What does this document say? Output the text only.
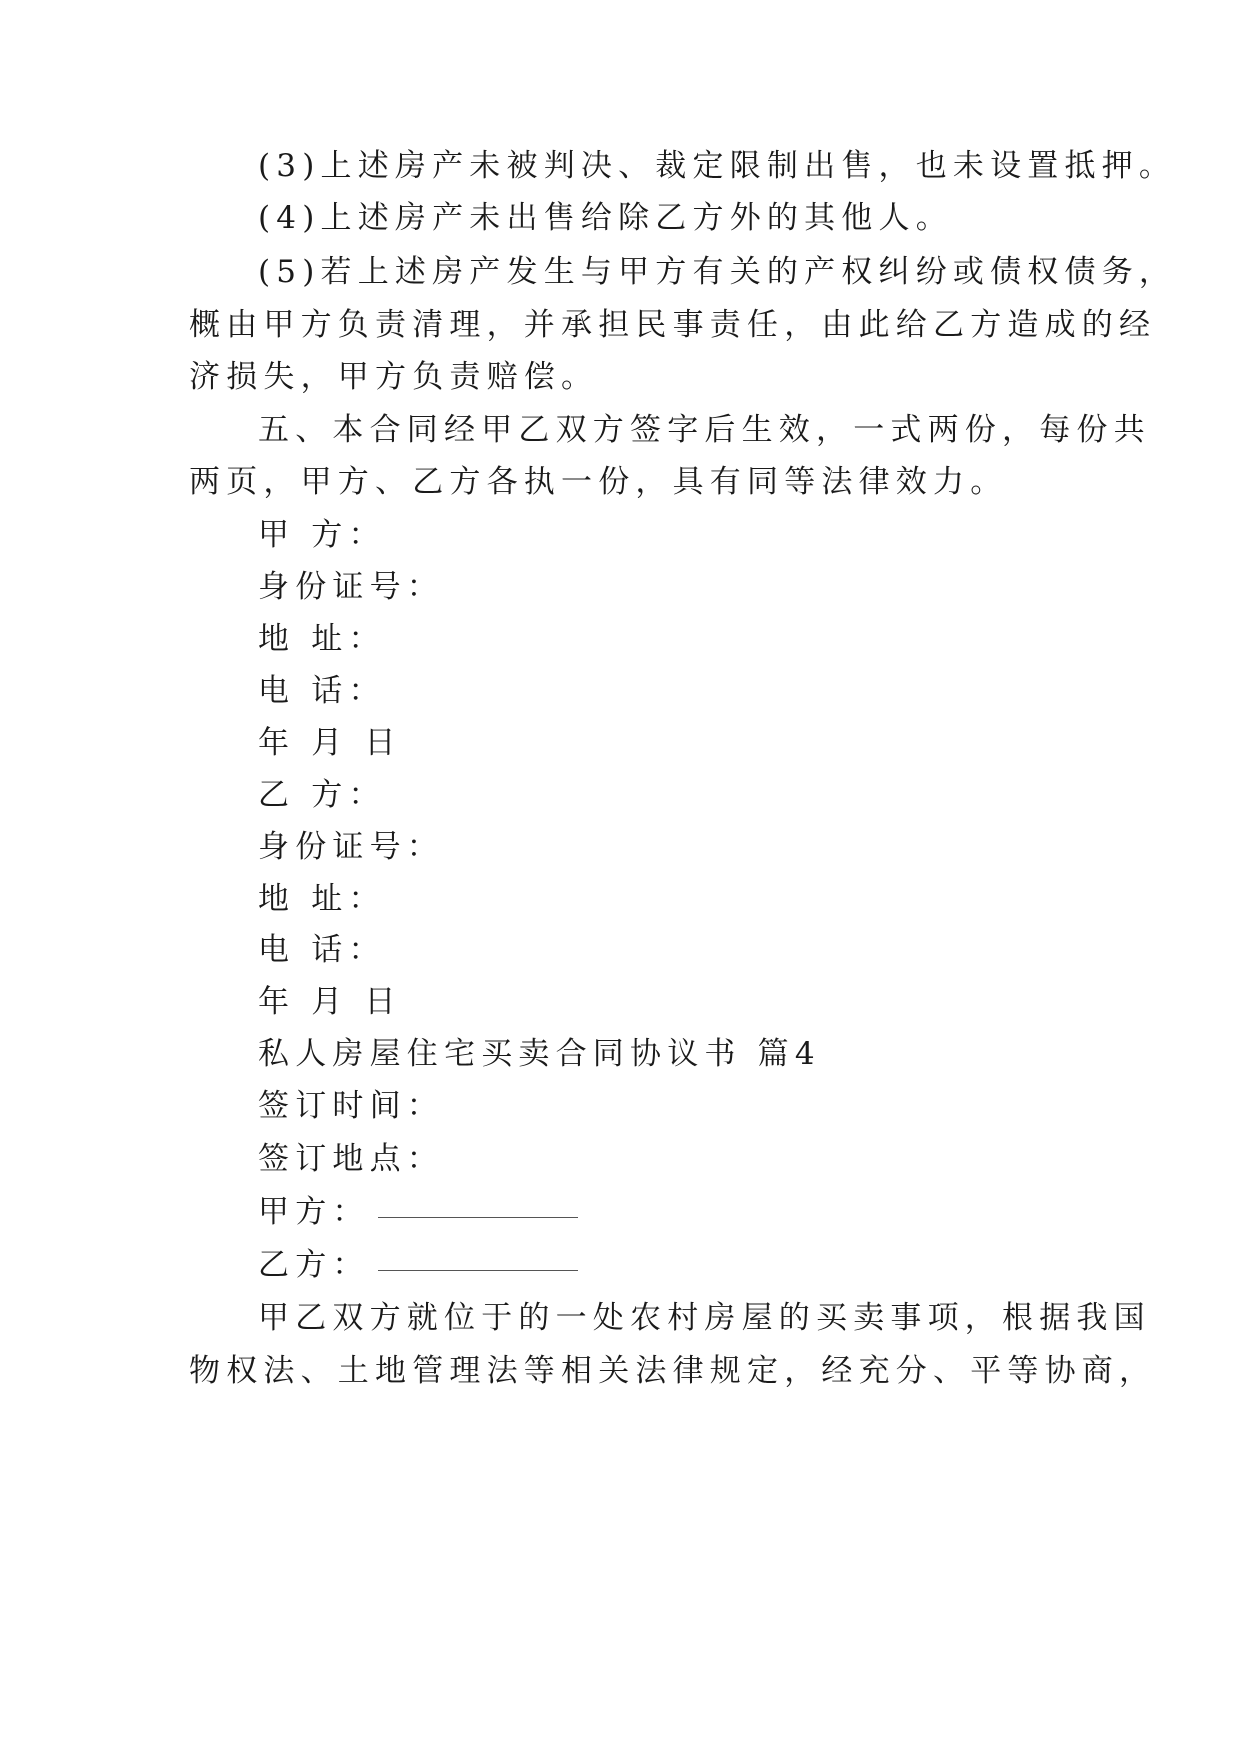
(3)上述房产未被判决、裁定限制出售，也未设置抵押。

(4)上述房产未出售给除乙方外的其他人。

(5)若上述房产发生与甲方有关的产权纠纷或债权债务，

概由甲方负责清理，并承担民事责任，由此给乙方造成的经

济损失，甲方负责赔偿。

五、本合同经甲乙双方签字后生效，一式两份，每份共

两页，甲方、乙方各执一份，具有同等法律效力。

甲 方：

身份证号：

地 址：

电 话：

年 月 日

乙 方：

身份证号：

地 址：

电 话：

年 月 日

私人房屋住宅买卖合同协议书 篇4

签订时间：

签订地点：

甲方：
乙方：

甲乙双方就位于的一处农村房屋的买卖事项，根据我国

物权法、土地管理法等相关法律规定，经充分、平等协商，
